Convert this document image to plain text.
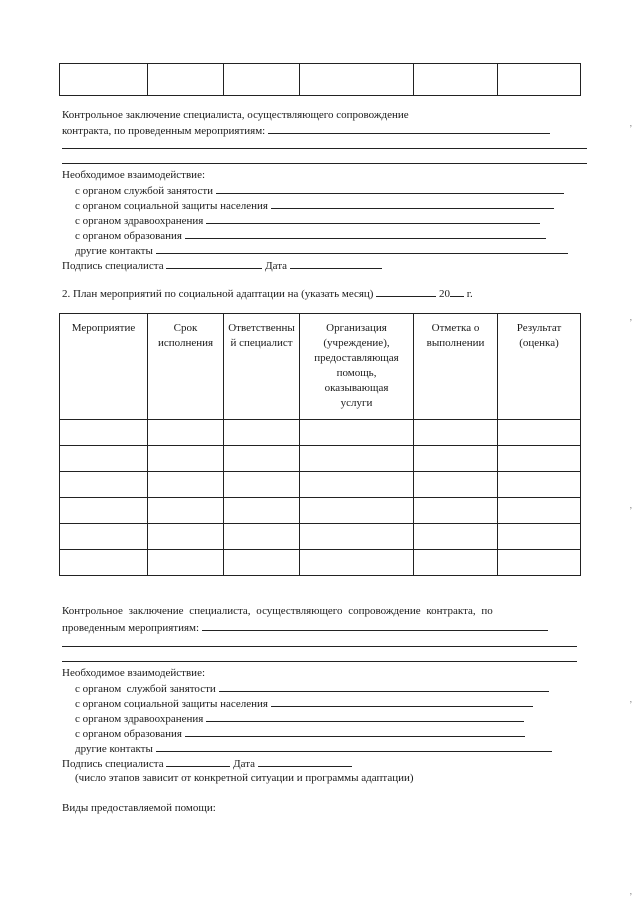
Контрольное заключение специалиста, осуществляющего сопровождение
контракта, по проведенным мероприятиям:
Необходимое взаимодействие:
с органом службой занятости
с органом социальной защиты населения
с органом здравоохранения
с органом образования
другие контакты
Подпись специалиста	Дата
2. План мероприятий по социальной адаптации на (указать месяц)	20 г.
Мероприятие	Срок исполнения	Ответственный специалист	Организация (учреждение), предоставляющая помощь, оказывающая услуги	Отметка о выполнении	Результат (оценка)

Контрольное заключение специалиста, осуществляющего сопровождение контракта, по
проведенным мероприятиям:
Необходимое взаимодействие:
с органом  службой занятости
с органом социальной защиты населения
с органом здравоохранения
с органом образования
другие контакты
Подпись специалиста	Дата
(число этапов зависит от конкретной ситуации и программы адаптации)
Виды предоставляемой помощи:
,
,
,
,
,
